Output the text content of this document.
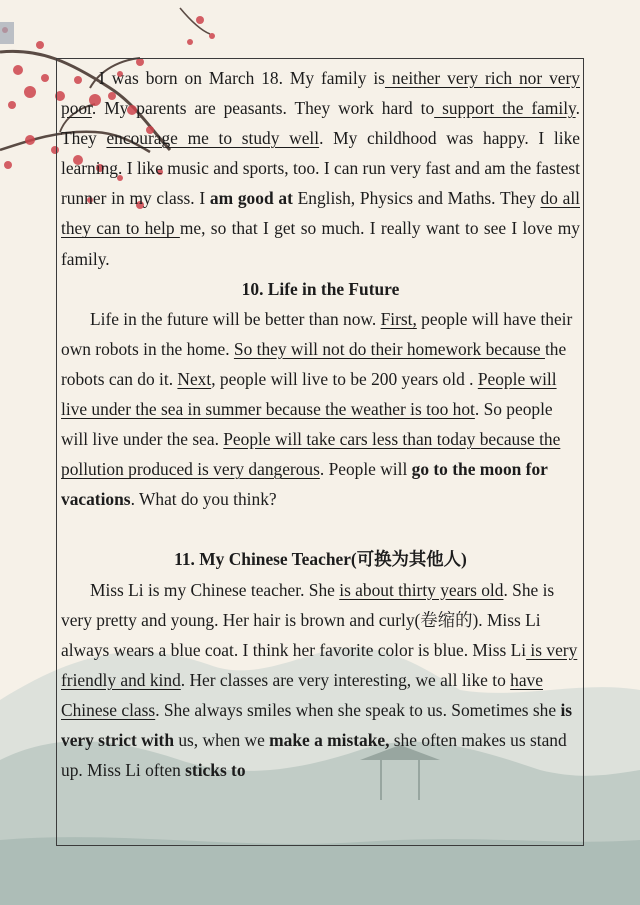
I was born on March 18. My family is neither very rich nor very poor. My parents are peasants. They work hard to support the family. They encourage me to study well. My childhood was happy. I like learning. I like music and sports, too. I can run very fast and am the fastest runner in my class. I am good at English, Physics and Maths. They do all they can to help me, so that I get so much. I really want to see I love my family.

10. Life in the Future

Life in the future will be better than now. First, people will have their own robots in the home. So they will not do their homework because the robots can do it. Next, people will live to be 200 years old . People will live under the sea in summer because the weather is too hot. So people will live under the sea. People will take cars less than today because the pollution produced is very dangerous. People will go to the moon for vacations. What do you think?

11. My Chinese Teacher(可换为其他人)

Miss Li is my Chinese teacher. She is about thirty years old. She is very pretty and young. Her hair is brown and curly(卷缩的). Miss Li always wears a blue coat. I think her favorite color is blue. Miss Li is very friendly and kind. Her classes are very interesting, we all like to have Chinese class. She always smiles when she speak to us. Sometimes she is very strict with us, when we make a mistake, she often makes us stand up. Miss Li often sticks to
